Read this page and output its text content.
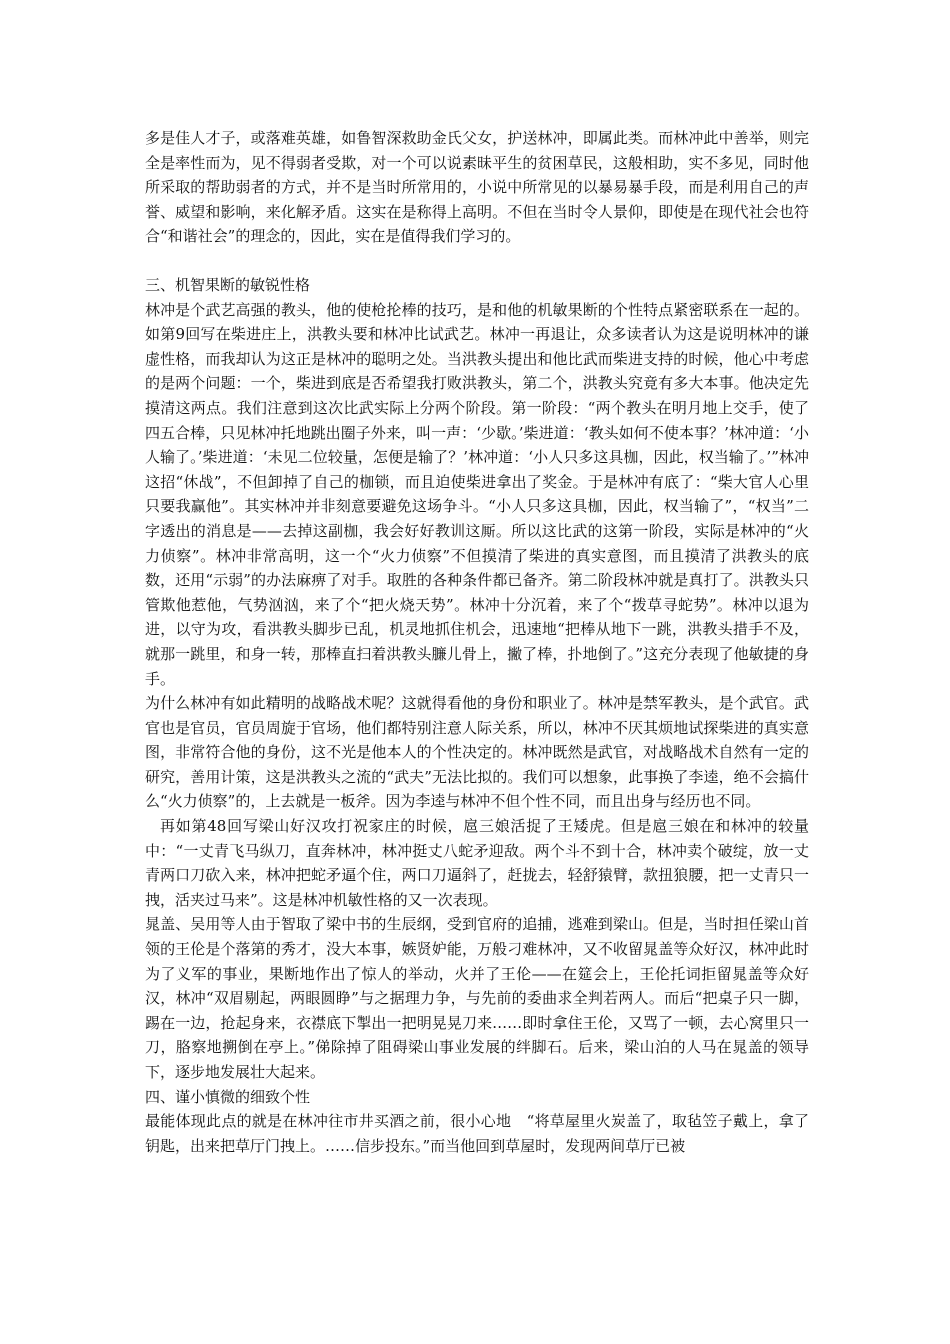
多是佳人才子，或落难英雄，如鲁智深救助金氏父女，护送林冲，即属此类。而林冲此中善举，则完全是率性而为，见不得弱者受欺，对一个可以说素昧平生的贫困草民，这般相助，实不多见，同时他所采取的帮助弱者的方式，并不是当时所常用的，小说中所常见的以暴易暴手段，而是利用自己的声誉、威望和影响，来化解矛盾。这实在是称得上高明。不但在当时令人景仰，即使是在现代社会也符合“和谐社会”的理念的，因此，实在是值得我们学习的。

三、机智果断的敏锐性格

林冲是个武艺高强的教头，他的使枪抡棒的技巧，是和他的机敏果断的个性特点紧密联系在一起的。如第9回写在柴进庄上，洪教头要和林冲比试武艺。林冲一再退让，众多读者认为这是说明林冲的谦虚性格，而我却认为这正是林冲的聪明之处。当洪教头提出和他比武而柴进支持的时候，他心中考虑的是两个问题：一个，柴进到底是否希望我打败洪教头，第二个，洪教头究竟有多大本事。他决定先摸清这两点。我们注意到这次比武实际上分两个阶段。第一阶段：“两个教头在明月地上交手，使了四五合棒，只见林冲托地跳出圈子外来，叫一声：‘少歇。’柴进道：‘教头如何不使本事？’林冲道：‘小人输了。’柴进道：‘未见二位较量，怎便是输了？’林冲道：‘小人只多这具枷，因此，权当输了。’”林冲这招“休战”，不但卸掉了自己的枷锁，而且迫使柴进拿出了奖金。于是林冲有底了：“柴大官人心里只要我赢他”。其实林冲并非刻意要避免这场争斗。“小人只多这具枷，因此，权当输了”，“权当”二字透出的消息是——去掉这副枷，我会好好教训这厮。所以这比武的这第一阶段，实际是林冲的“火力侦察”。林冲非常高明，这一个“火力侦察”不但摸清了柴进的真实意图，而且摸清了洪教头的底数，还用“示弱”的办法麻痹了对手。取胜的各种条件都已备齐。第二阶段林冲就是真打了。洪教头只管欺他惹他，气势汹汹，来了个“把火烧天势”。林冲十分沉着，来了个“拨草寻蛇势”。林冲以退为进，以守为攻，看洪教头脚步已乱，机灵地抓住机会，迅速地“把棒从地下一跳，洪教头措手不及，就那一跳里，和身一转，那棒直扫着洪教头臁儿骨上，撇了棒，扑地倒了。”这充分表现了他敏捷的身手。

为什么林冲有如此精明的战略战术呢？这就得看他的身份和职业了。林冲是禁军教头，是个武官。武官也是官员，官员周旋于官场，他们都特别注意人际关系，所以，林冲不厌其烦地试探柴进的真实意图，非常符合他的身份，这不光是他本人的个性决定的。林冲既然是武官，对战略战术自然有一定的研究，善用计策，这是洪教头之流的“武夫”无法比拟的。我们可以想象，此事换了李逵，绝不会搞什么“火力侦察”的，上去就是一板斧。因为李逵与林冲不但个性不同，而且出身与经历也不同。

再如第48回写梁山好汉攻打祝家庄的时候，扈三娘活捉了王矮虎。但是扈三娘在和林冲的较量中：“一丈青飞马纵刀，直奔林冲，林冲挺丈八蛇矛迎敌。两个斗不到十合，林冲卖个破绽，放一丈青两口刀砍入来，林冲把蛇矛逼个住，两口刀逼斜了，赶拢去，轻舒猿臂，款扭狼腰，把一丈青只一拽，活夹过马来”。这是林冲机敏性格的又一次表现。

晁盖、吴用等人由于智取了梁中书的生辰纲，受到官府的追捕，逃难到梁山。但是，当时担任梁山首领的王伦是个落第的秀才，没大本事，嫉贤妒能，万般刁难林冲，又不收留晁盖等众好汉，林冲此时为了义军的事业，果断地作出了惊人的举动，火并了王伦——在筵会上，王伦托词拒留晁盖等众好汉，林冲“双眉剔起，两眼圆睁”与之据理力争，与先前的委曲求全判若两人。而后“把桌子只一脚，踢在一边，抢起身来，衣襟底下掣出一把明晃晃刀来……即时拿住王伦，又骂了一顿，去心窝里只一刀，胳察地搠倒在亭上。”俤除掉了阻碍梁山事业发展的绊脚石。后来，梁山泊的人马在晁盖的领导下，逐步地发展壮大起来。

四、谨小慎微的细致个性

最能体现此点的就是在林冲往市井买酒之前，很小心地　“将草屋里火炭盖了，取毡笠子戴上，拿了钥匙，出来把草厅门拽上。……信步投东。”而当他回到草屋时，发现两间草厅已被
